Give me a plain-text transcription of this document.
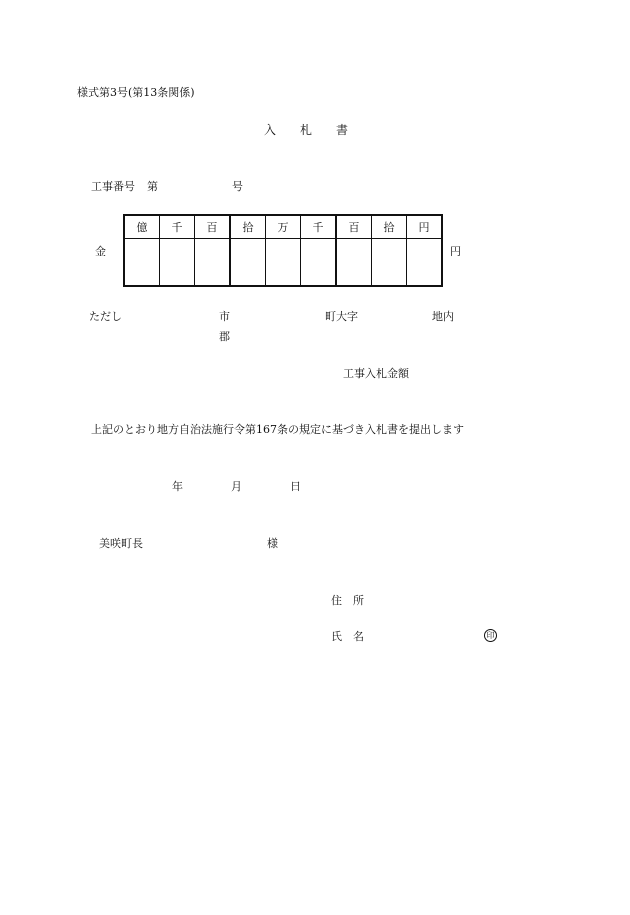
様式第3号(第13条関係)
入　　札　　書
工事番号 第	号
金
億	千	百	拾	万	千	百	拾	円
円
ただし	市
郡
町大字	地内
工事入札金額
上記のとおり地方自治法施行令第167条の規定に基づき入札書を提出します
年	月	日
美咲町長	様
住　所
氏　名	印
